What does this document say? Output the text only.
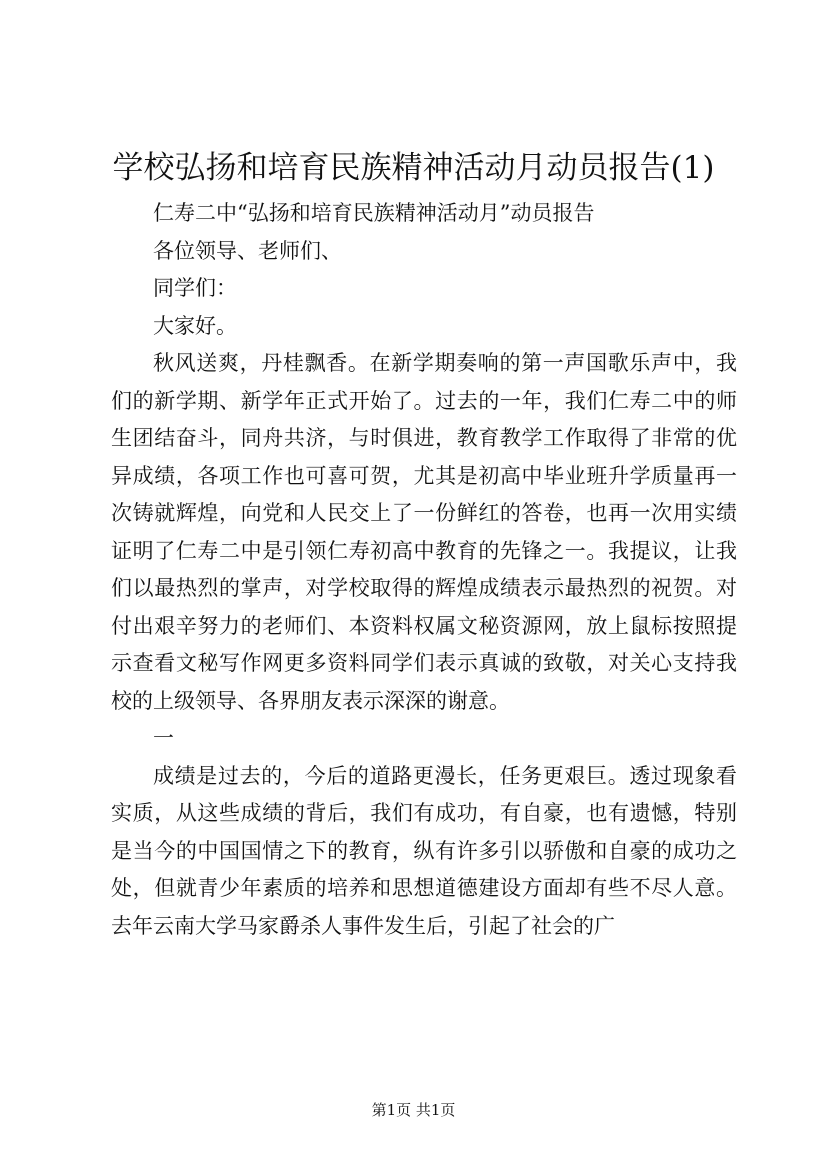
学校弘扬和培育民族精神活动月动员报告(1)

仁寿二中“弘扬和培育民族精神活动月”动员报告

各位领导、老师们、

同学们：

大家好。

秋风送爽，丹桂飘香。在新学期奏响的第一声国歌乐声中，我们的新学期、新学年正式开始了。过去的一年，我们仁寿二中的师生团结奋斗，同舟共济，与时俱进，教育教学工作取得了非常的优异成绩，各项工作也可喜可贺，尤其是初高中毕业班升学质量再一次铸就辉煌，向党和人民交上了一份鲜红的答卷，也再一次用实绩证明了仁寿二中是引领仁寿初高中教育的先锋之一。我提议，让我们以最热烈的掌声，对学校取得的辉煌成绩表示最热烈的祝贺。对付出艰辛努力的老师们、本资料权属文秘资源网，放上鼠标按照提示查看文秘写作网更多资料同学们表示真诚的致敬，对关心支持我校的上级领导、各界朋友表示深深的谢意。

一

成绩是过去的，今后的道路更漫长，任务更艰巨。透过现象看实质，从这些成绩的背后，我们有成功，有自豪，也有遗憾，特别是当今的中国国情之下的教育，纵有许多引以骄傲和自豪的成功之处，但就青少年素质的培养和思想道德建设方面却有些不尽人意。去年云南大学马家爵杀人事件发生后，引起了社会的广

第1页 共1页
